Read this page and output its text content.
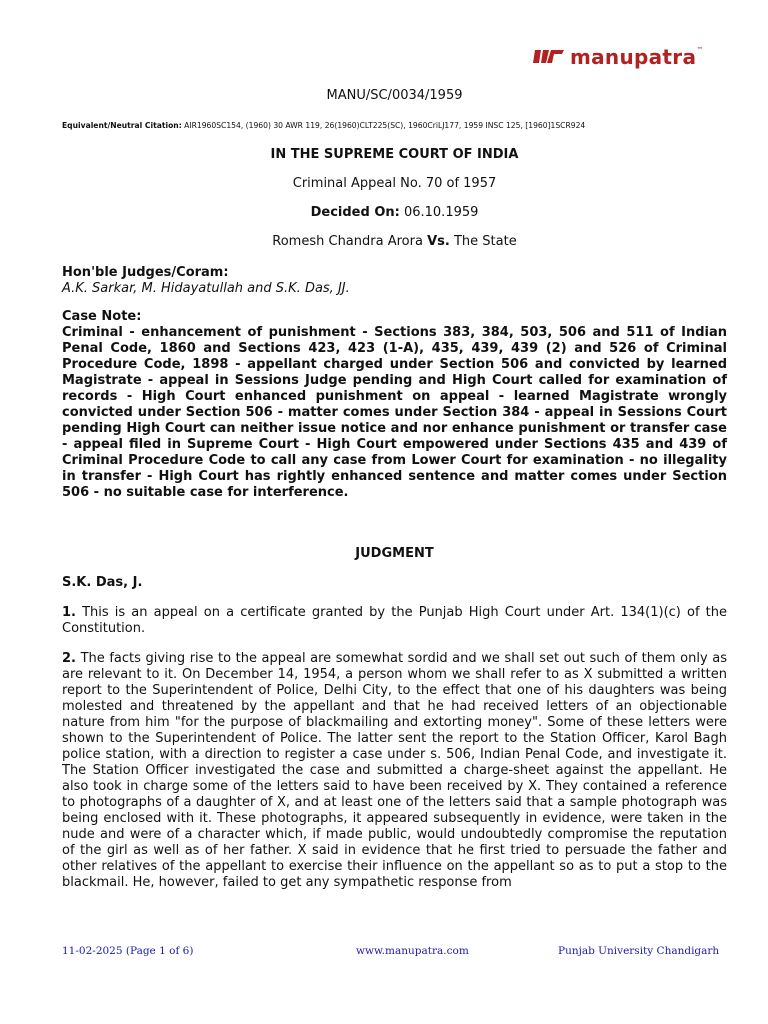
manupatra ™
MANU/SC/0034/1959
Equivalent/Neutral Citation: AIR1960SC154, (1960) 30 AWR 119, 26(1960)CLT225(SC), 1960CriLJ177, 1959 INSC 125, [1960]1SCR924
IN THE SUPREME COURT OF INDIA
Criminal Appeal No. 70 of 1957
Decided On: 06.10.1959
Romesh Chandra Arora Vs. The State
Hon'ble Judges/Coram:
A.K. Sarkar, M. Hidayatullah and S.K. Das, JJ.
Case Note:
Criminal - enhancement of punishment - Sections 383, 384, 503, 506 and 511 of Indian Penal Code, 1860 and Sections 423, 423 (1-A), 435, 439, 439 (2) and 526 of Criminal Procedure Code, 1898 - appellant charged under Section 506 and convicted by learned Magistrate - appeal in Sessions Judge pending and High Court called for examination of records - High Court enhanced punishment on appeal - learned Magistrate wrongly convicted under Section 506 - matter comes under Section 384 - appeal in Sessions Court pending High Court can neither issue notice and nor enhance punishment or transfer case - appeal filed in Supreme Court - High Court empowered under Sections 435 and 439 of Criminal Procedure Code to call any case from Lower Court for examination - no illegality in transfer - High Court has rightly enhanced sentence and matter comes under Section 506 - no suitable case for interference.
JUDGMENT
S.K. Das, J.
1. This is an appeal on a certificate granted by the Punjab High Court under Art. 134(1)(c) of the Constitution.
2. The facts giving rise to the appeal are somewhat sordid and we shall set out such of them only as are relevant to it. On December 14, 1954, a person whom we shall refer to as X submitted a written report to the Superintendent of Police, Delhi City, to the effect that one of his daughters was being molested and threatened by the appellant and that he had received letters of an objectionable nature from him "for the purpose of blackmailing and extorting money". Some of these letters were shown to the Superintendent of Police. The latter sent the report to the Station Officer, Karol Bagh police station, with a direction to register a case under s. 506, Indian Penal Code, and investigate it. The Station Officer investigated the case and submitted a charge-sheet against the appellant. He also took in charge some of the letters said to have been received by X. They contained a reference to photographs of a daughter of X, and at least one of the letters said that a sample photograph was being enclosed with it. These photographs, it appeared subsequently in evidence, were taken in the nude and were of a character which, if made public, would undoubtedly compromise the reputation of the girl as well as of her father. X said in evidence that he first tried to persuade the father and other relatives of the appellant to exercise their influence on the appellant so as to put a stop to the blackmail. He, however, failed to get any sympathetic response from
11-02-2025 (Page 1 of 6)	www.manupatra.com	Punjab University Chandigarh
